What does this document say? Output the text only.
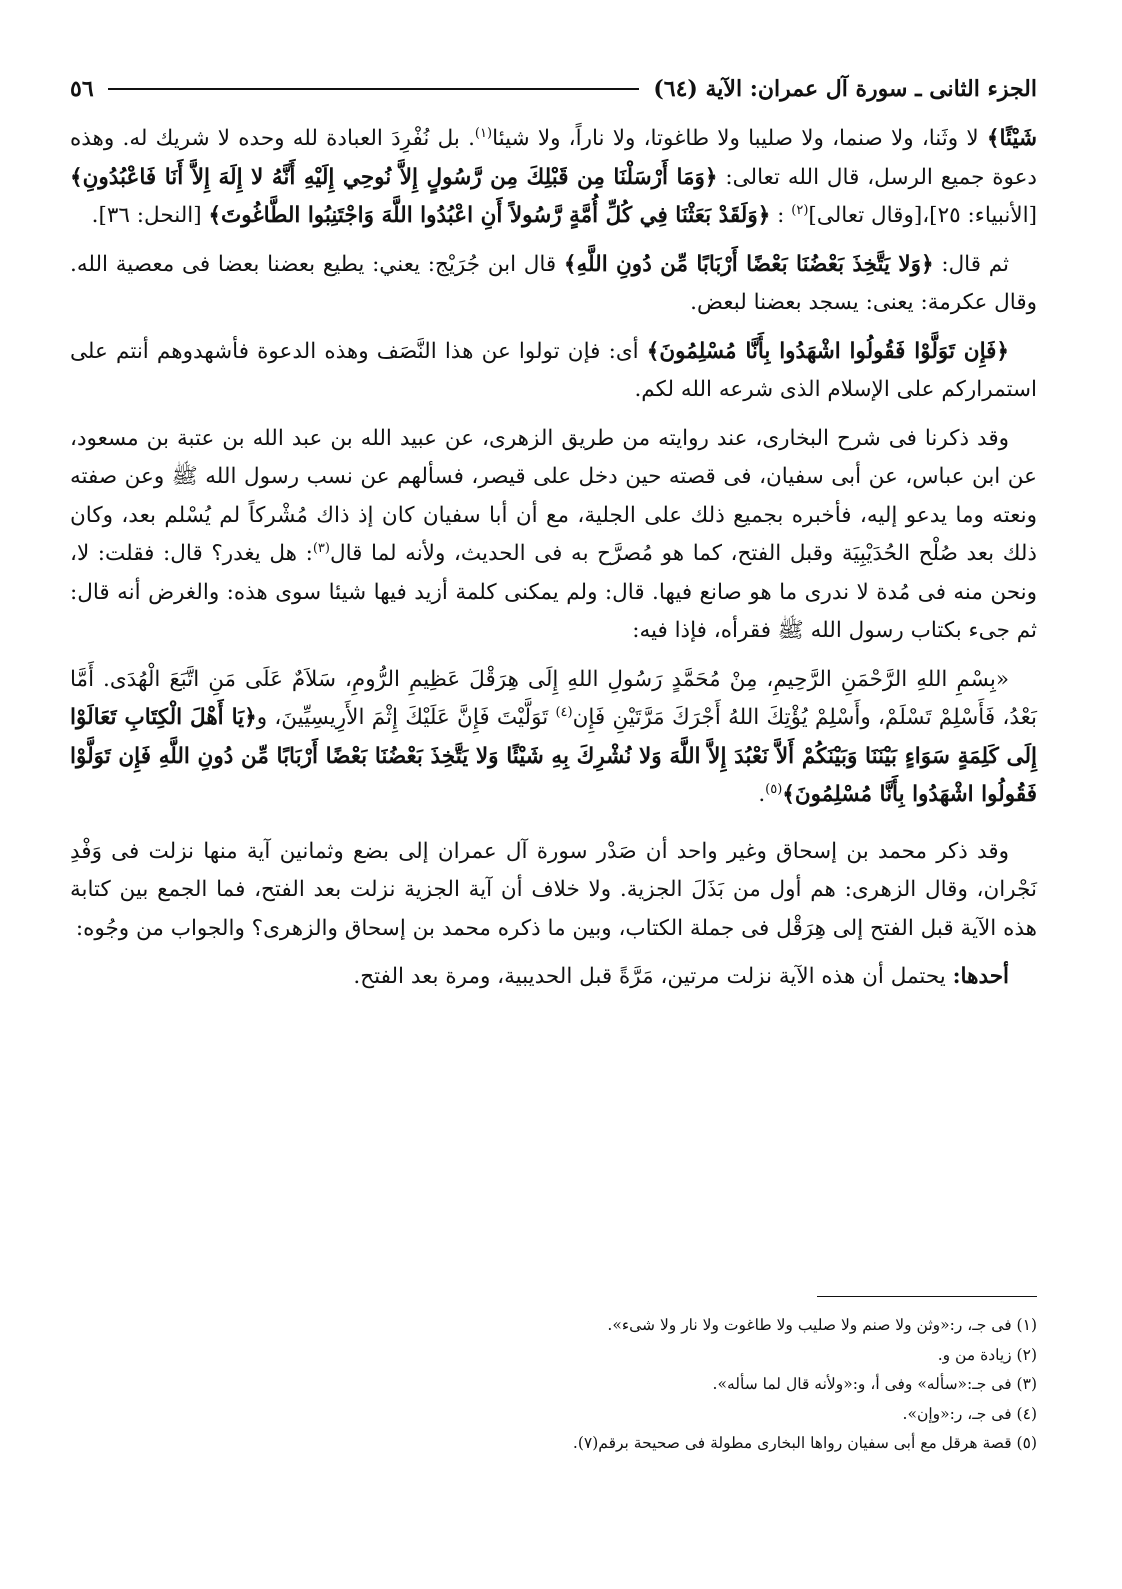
الجزء الثانى ـ سورة آل عمران: الآية (٦٤)
٥٦

شَيْئًا﴾ لا وثَنا، ولا صنما، ولا صليبا ولا طاغوتا، ولا ناراً، ولا شيئا$^{(١)}$. بل نُفْرِدَ العبادة لله وحده لا شريك له. وهذه دعوة جميع الرسل، قال الله تعالى: ﴿وَمَا أَرْسَلْنَا مِن قَبْلِكَ مِن رَّسُولٍ إِلاَّ نُوحِي إِلَيْهِ أَنَّهُ لا إِلَهَ إِلاَّ أَنَا فَاعْبُدُونِ﴾ [الأنبياء: ٢٥]،[وقال تعالى]$^{(٢)}$ : ﴿وَلَقَدْ بَعَثْنَا فِي كُلِّ أُمَّةٍ رَّسُولاً أَنِ اعْبُدُوا اللَّهَ وَاجْتَنِبُوا الطَّاغُوتَ﴾ [النحل: ٣٦].

ثم قال: ﴿وَلا يَتَّخِذَ بَعْضُنَا بَعْضًا أَرْبَابًا مِّن دُونِ اللَّهِ﴾ قال ابن جُرَيْج: يعني: يطيع بعضنا بعضا فى معصية الله. وقال عكرمة: يعنى: يسجد بعضنا لبعض.

﴿فَإِن تَوَلَّوْا فَقُولُوا اشْهَدُوا بِأَنَّا مُسْلِمُونَ﴾ أى: فإن تولوا عن هذا النَّصَف وهذه الدعوة فأشهدوهم أنتم على استمراركم على الإسلام الذى شرعه الله لكم.

وقد ذكرنا فى شرح البخارى، عند روايته من طريق الزهرى، عن عبيد الله بن عبد الله بن عتبة بن مسعود، عن ابن عباس، عن أبى سفيان، فى قصته حين دخل على قيصر، فسألهم عن نسب رسول الله ﷺ وعن صفته ونعته وما يدعو إليه، فأخبره بجميع ذلك على الجلية، مع أن أبا سفيان كان إذ ذاك مُشْركاً لم يُسْلم بعد، وكان ذلك بعد صُلْح الحُدَيْبِيَة وقبل الفتح، كما هو مُصرَّح به فى الحديث، ولأنه لما قال$^{(٣)}$: هل يغدر؟ قال: فقلت: لا، ونحن منه فى مُدة لا ندرى ما هو صانع فيها. قال: ولم يمكنى كلمة أزيد فيها شيئا سوى هذه: والغرض أنه قال: ثم جىء بكتاب رسول الله ﷺ فقرأه، فإذا فيه:

«بِسْمِ اللهِ الرَّحْمَنِ الرَّحِيمِ، مِنْ مُحَمَّدٍ رَسُولِ اللهِ إِلَى هِرَقْلَ عَظِيمِ الرُّومِ، سَلاَمٌ عَلَى مَنِ اتَّبَعَ الْهُدَى. أَمَّا بَعْدُ، فَأَسْلِمْ تَسْلَمْ، وأَسْلِمْ يُؤْتِكَ اللهُ أَجْرَكَ مَرَّتَيْنِ فَإِن$^{(٤)}$ تَوَلَّيْتَ فَإِنَّ عَلَيْكَ إِثْمَ الأَرِيسِيِّينَ، و﴿يَا أَهْلَ الْكِتَابِ تَعَالَوْا إِلَى كَلِمَةٍ سَوَاءٍ بَيْنَنَا وَبَيْنَكُمْ أَلاَّ نَعْبُدَ إِلاَّ اللَّهَ وَلا نُشْرِكَ بِهِ شَيْئًا وَلا يَتَّخِذَ بَعْضُنَا بَعْضًا أَرْبَابًا مِّن دُونِ اللَّهِ فَإِن تَوَلَّوْا فَقُولُوا اشْهَدُوا بِأَنَّا مُسْلِمُونَ﴾$^{(٥)}$.

وقد ذكر محمد بن إسحاق وغير واحد أن صَدْر سورة آل عمران إلى بضع وثمانين آية منها نزلت فى وَفْدِ نَجْران، وقال الزهرى: هم أول من بَذَلَ الجزية. ولا خلاف أن آية الجزية نزلت بعد الفتح، فما الجمع بين كتابة هذه الآية قبل الفتح إلى هِرَقْل فى جملة الكتاب، وبين ما ذكره محمد بن إسحاق والزهرى؟ والجواب من وجُوه:

أحدها: يحتمل أن هذه الآية نزلت مرتين، مَرَّةً قبل الحديبية، ومرة بعد الفتح.

(١) فى جـ، ر:«وثن ولا صنم ولا صليب ولا طاغوت ولا نار ولا شىء».

(٢) زيادة من و.

(٣) فى جـ:«سأله» وفى أ، و:«ولأنه قال لما سأله».

(٤) فى جـ، ر:«وإن».

(٥) قصة هرقل مع أبى سفيان رواها البخارى مطولة فى صحيحة برقم(٧).
